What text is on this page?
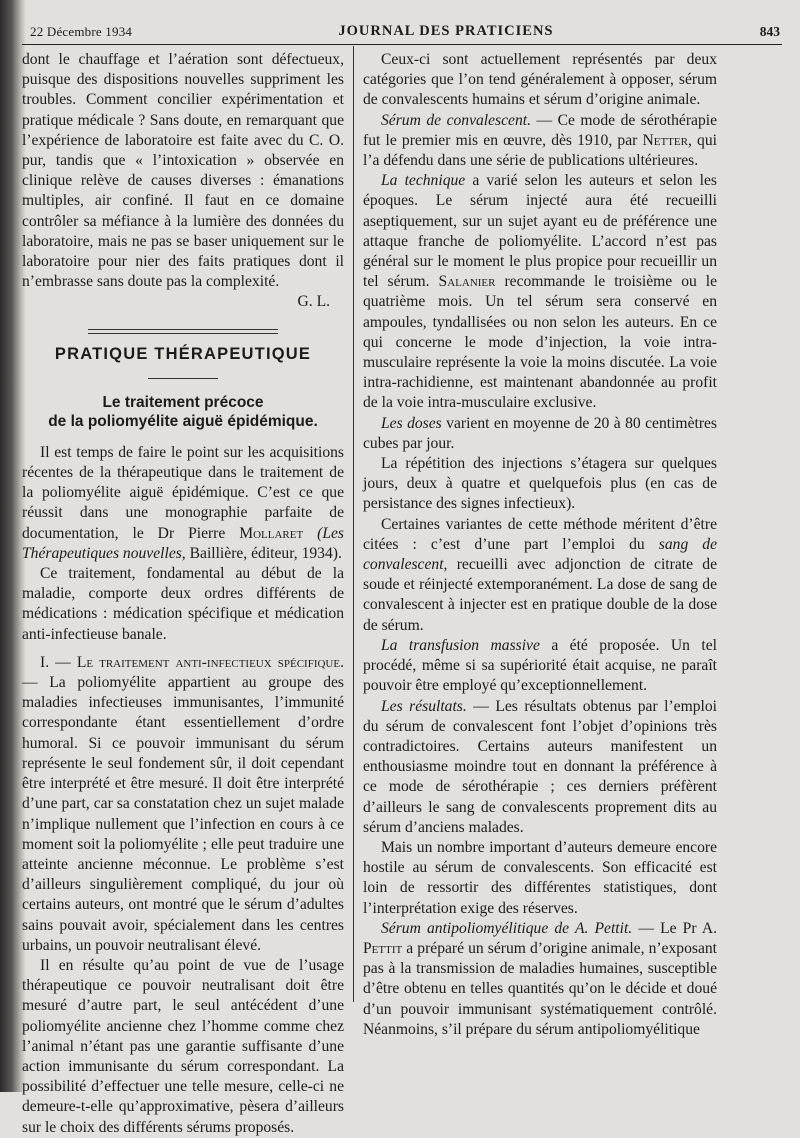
22 Décembre 1934	JOURNAL DES PRATICIENS	843

dont le chauffage et l’aération sont défectueux, puisque des dispositions nouvelles suppriment les troubles. Comment concilier expérimentation et pratique médicale ? Sans doute, en remarquant que l’expérience de laboratoire est faite avec du C. O. pur, tandis que « l’intoxication » observée en clinique relève de causes diverses : émanations multiples, air confiné. Il faut en ce domaine contrôler sa méfiance à la lumière des données du laboratoire, mais ne pas se baser uniquement sur le laboratoire pour nier des faits pratiques dont il n’embrasse sans doute pas la complexité.

G. L.

PRATIQUE THÉRAPEUTIQUE
Le traitement précoce
de la poliomyélite aiguë épidémique.

Il est temps de faire le point sur les acquisitions récentes de la thérapeutique dans le traitement de la poliomyélite aiguë épidémique. C’est ce que réussit dans une monographie parfaite de documentation, le Dr Pierre Mollaret (Les Thérapeutiques nouvelles, Baillière, éditeur, 1934).

Ce traitement, fondamental au début de la maladie, comporte deux ordres différents de médications : médication spécifique et médication anti-infectieuse banale.

I. — Le traitement anti-infectieux spécifique. — La poliomyélite appartient au groupe des maladies infectieuses immunisantes, l’immunité correspondante étant essentiellement d’ordre humoral. Si ce pouvoir immunisant du sérum représente le seul fondement sûr, il doit cependant être interprété et être mesuré. Il doit être interprété d’une part, car sa constatation chez un sujet malade n’implique nullement que l’infection en cours à ce moment soit la poliomyélite ; elle peut traduire une atteinte ancienne méconnue. Le problème s’est d’ailleurs singulièrement compliqué, du jour où certains auteurs, ont montré que le sérum d’adultes sains pouvait avoir, spécialement dans les centres urbains, un pouvoir neutralisant élevé.

Il en résulte qu’au point de vue de l’usage thérapeutique ce pouvoir neutralisant doit être mesuré d’autre part, le seul antécédent d’une poliomyélite ancienne chez l’homme comme chez l’animal n’étant pas une garantie suffisante d’une action immunisante du sérum correspondant. La possibilité d’effectuer une telle mesure, celle-ci ne demeure-t-elle qu’approximative, pèsera d’ailleurs sur le choix des différents sérums proposés.

Ceux-ci sont actuellement représentés par deux catégories que l’on tend généralement à opposer, sérum de convalescents humains et sérum d’origine animale.

Sérum de convalescent. — Ce mode de sérothérapie fut le premier mis en œuvre, dès 1910, par Netter, qui l’a défendu dans une série de publications ultérieures.

La technique a varié selon les auteurs et selon les époques. Le sérum injecté aura été recueilli aseptiquement, sur un sujet ayant eu de préférence une attaque franche de poliomyélite. L’accord n’est pas général sur le moment le plus propice pour recueillir un tel sérum. Salanier recommande le troisième ou le quatrième mois. Un tel sérum sera conservé en ampoules, tyndallisées ou non selon les auteurs. En ce qui concerne le mode d’injection, la voie intra-musculaire représente la voie la moins discutée. La voie intra-rachidienne, est maintenant abandonnée au profit de la voie intra-musculaire exclusive.

Les doses varient en moyenne de 20 à 80 centimètres cubes par jour.

La répétition des injections s’étagera sur quelques jours, deux à quatre et quelquefois plus (en cas de persistance des signes infectieux).

Certaines variantes de cette méthode méritent d’être citées : c’est d’une part l’emploi du sang de convalescent, recueilli avec adjonction de citrate de soude et réinjecté extemporanément. La dose de sang de convalescent à injecter est en pratique double de la dose de sérum.

La transfusion massive a été proposée. Un tel procédé, même si sa supériorité était acquise, ne paraît pouvoir être employé qu’exceptionnellement.

Les résultats. — Les résultats obtenus par l’emploi du sérum de convalescent font l’objet d’opinions très contradictoires. Certains auteurs manifestent un enthousiasme moindre tout en donnant la préférence à ce mode de sérothérapie ; ces derniers préfèrent d’ailleurs le sang de convalescents proprement dits au sérum d’anciens malades.

Mais un nombre important d’auteurs demeure encore hostile au sérum de convalescents. Son efficacité est loin de ressortir des différentes statistiques, dont l’interprétation exige des réserves.

Sérum antipoliomyélitique de A. Pettit. — Le Pr A. Pettit a préparé un sérum d’origine animale, n’exposant pas à la transmission de maladies humaines, susceptible d’être obtenu en telles quantités qu’on le décide et doué d’un pouvoir immunisant systématiquement contrôlé. Néanmoins, s’il prépare du sérum antipoliomyélitique
